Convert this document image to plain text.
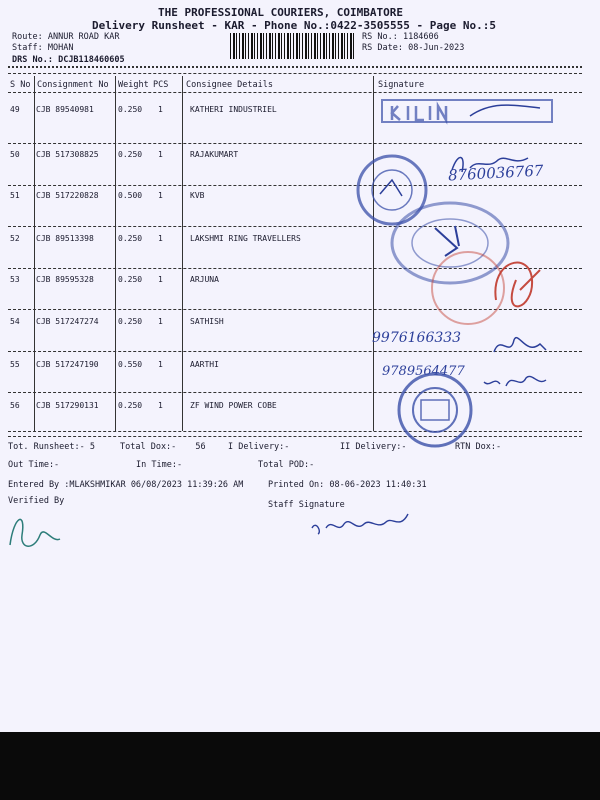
THE PROFESSIONAL COURIERS, COIMBATORE
Delivery Runsheet - KAR - Phone No.:0422-3505555 - Page No.:5
Route: ANNUR ROAD KAR
Staff: MOHAN
DRS No.: DCJB118460605
RS No.: 1184606
RS Date: 08-Jun-2023
S No Consignment No Weight PCS Consignee Details	Signature
49 CJB 89540981	0.250 1	KATHERI INDUSTRIEL
50 CJB 517308825 0.250 1	RAJAKUMART
51 CJB 517220828 0.500 1	KVB
52 CJB 89513398	0.250 1	LAKSHMI RING TRAVELLERS
53 CJB 89595328	0.250 1	ARJUNA
54 CJB 517247274 0.250 1	SATHISH
55 CJB 517247190 0.550 1	AARTHI
56 CJB 517290131 0.250 1	ZF WIND POWER COBE
8760036767
9976166333
9789564477
Tot. Runsheet:- 5	Total Dox:- 56	I Delivery:-	II Delivery:-	RTN Dox:-
Out Time:-	In Time:-	Total POD:-
Entered By :MLAKSHMIKAR 06/08/2023 11:39:26 AM	Printed On: 08-06-2023 11:40:31
Verified By	Staff Signature
